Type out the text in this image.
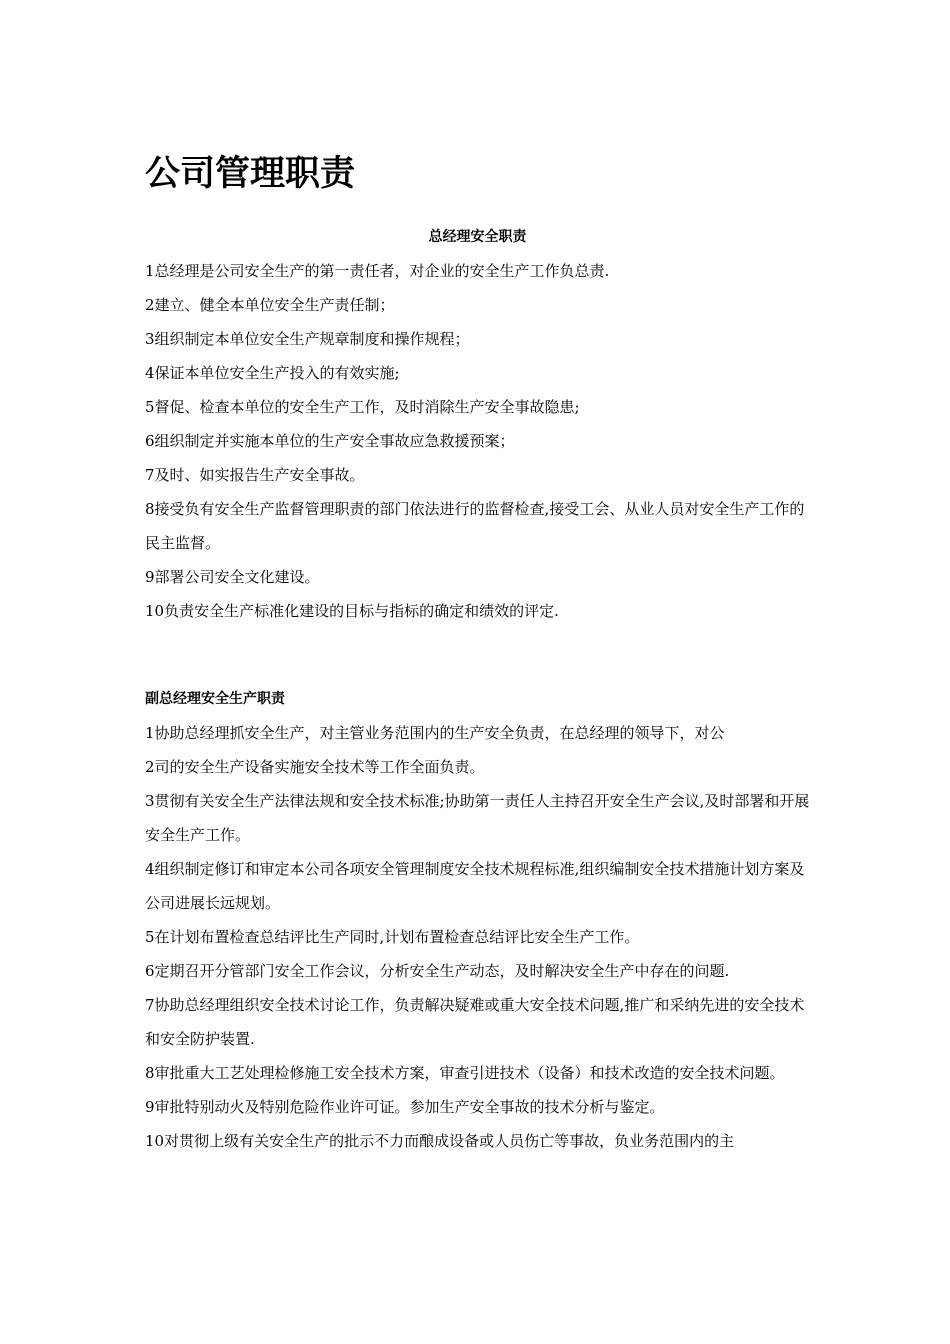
公司管理职责

总经理安全职责

1总经理是公司安全生产的第一责任者，对企业的安全生产工作负总责.

2建立、健全本单位安全生产责任制；

3组织制定本单位安全生产规章制度和操作规程；

4保证本单位安全生产投入的有效实施;

5督促、检查本单位的安全生产工作，及时消除生产安全事故隐患;

6组织制定并实施本单位的生产安全事故应急救援预案；

7及时、如实报告生产安全事故。

8接受负有安全生产监督管理职责的部门依法进行的监督检查,接受工会、从业人员对安全生产工作的民主监督。

9部署公司安全文化建设。

10负责安全生产标准化建设的目标与指标的确定和绩效的评定.

副总经理安全生产职责

1协助总经理抓安全生产，对主管业务范围内的生产安全负责，在总经理的领导下，对公

2司的安全生产设备实施安全技术等工作全面负责。

3贯彻有关安全生产法律法规和安全技术标准;协助第一责任人主持召开安全生产会议,及时部署和开展安全生产工作。

4组织制定修订和审定本公司各项安全管理制度安全技术规程标准,组织编制安全技术措施计划方案及公司进展长远规划。

5在计划布置检查总结评比生产同时,计划布置检查总结评比安全生产工作。

6定期召开分管部门安全工作会议，分析安全生产动态，及时解决安全生产中存在的问题.

7协助总经理组织安全技术讨论工作，负责解决疑难或重大安全技术问题,推广和采纳先进的安全技术和安全防护装置.

8审批重大工艺处理检修施工安全技术方案，审查引进技术（设备）和技术改造的安全技术问题。

9审批特别动火及特别危险作业许可证。参加生产安全事故的技术分析与鉴定。

10对贯彻上级有关安全生产的批示不力而酿成设备或人员伤亡等事故，负业务范围内的主
